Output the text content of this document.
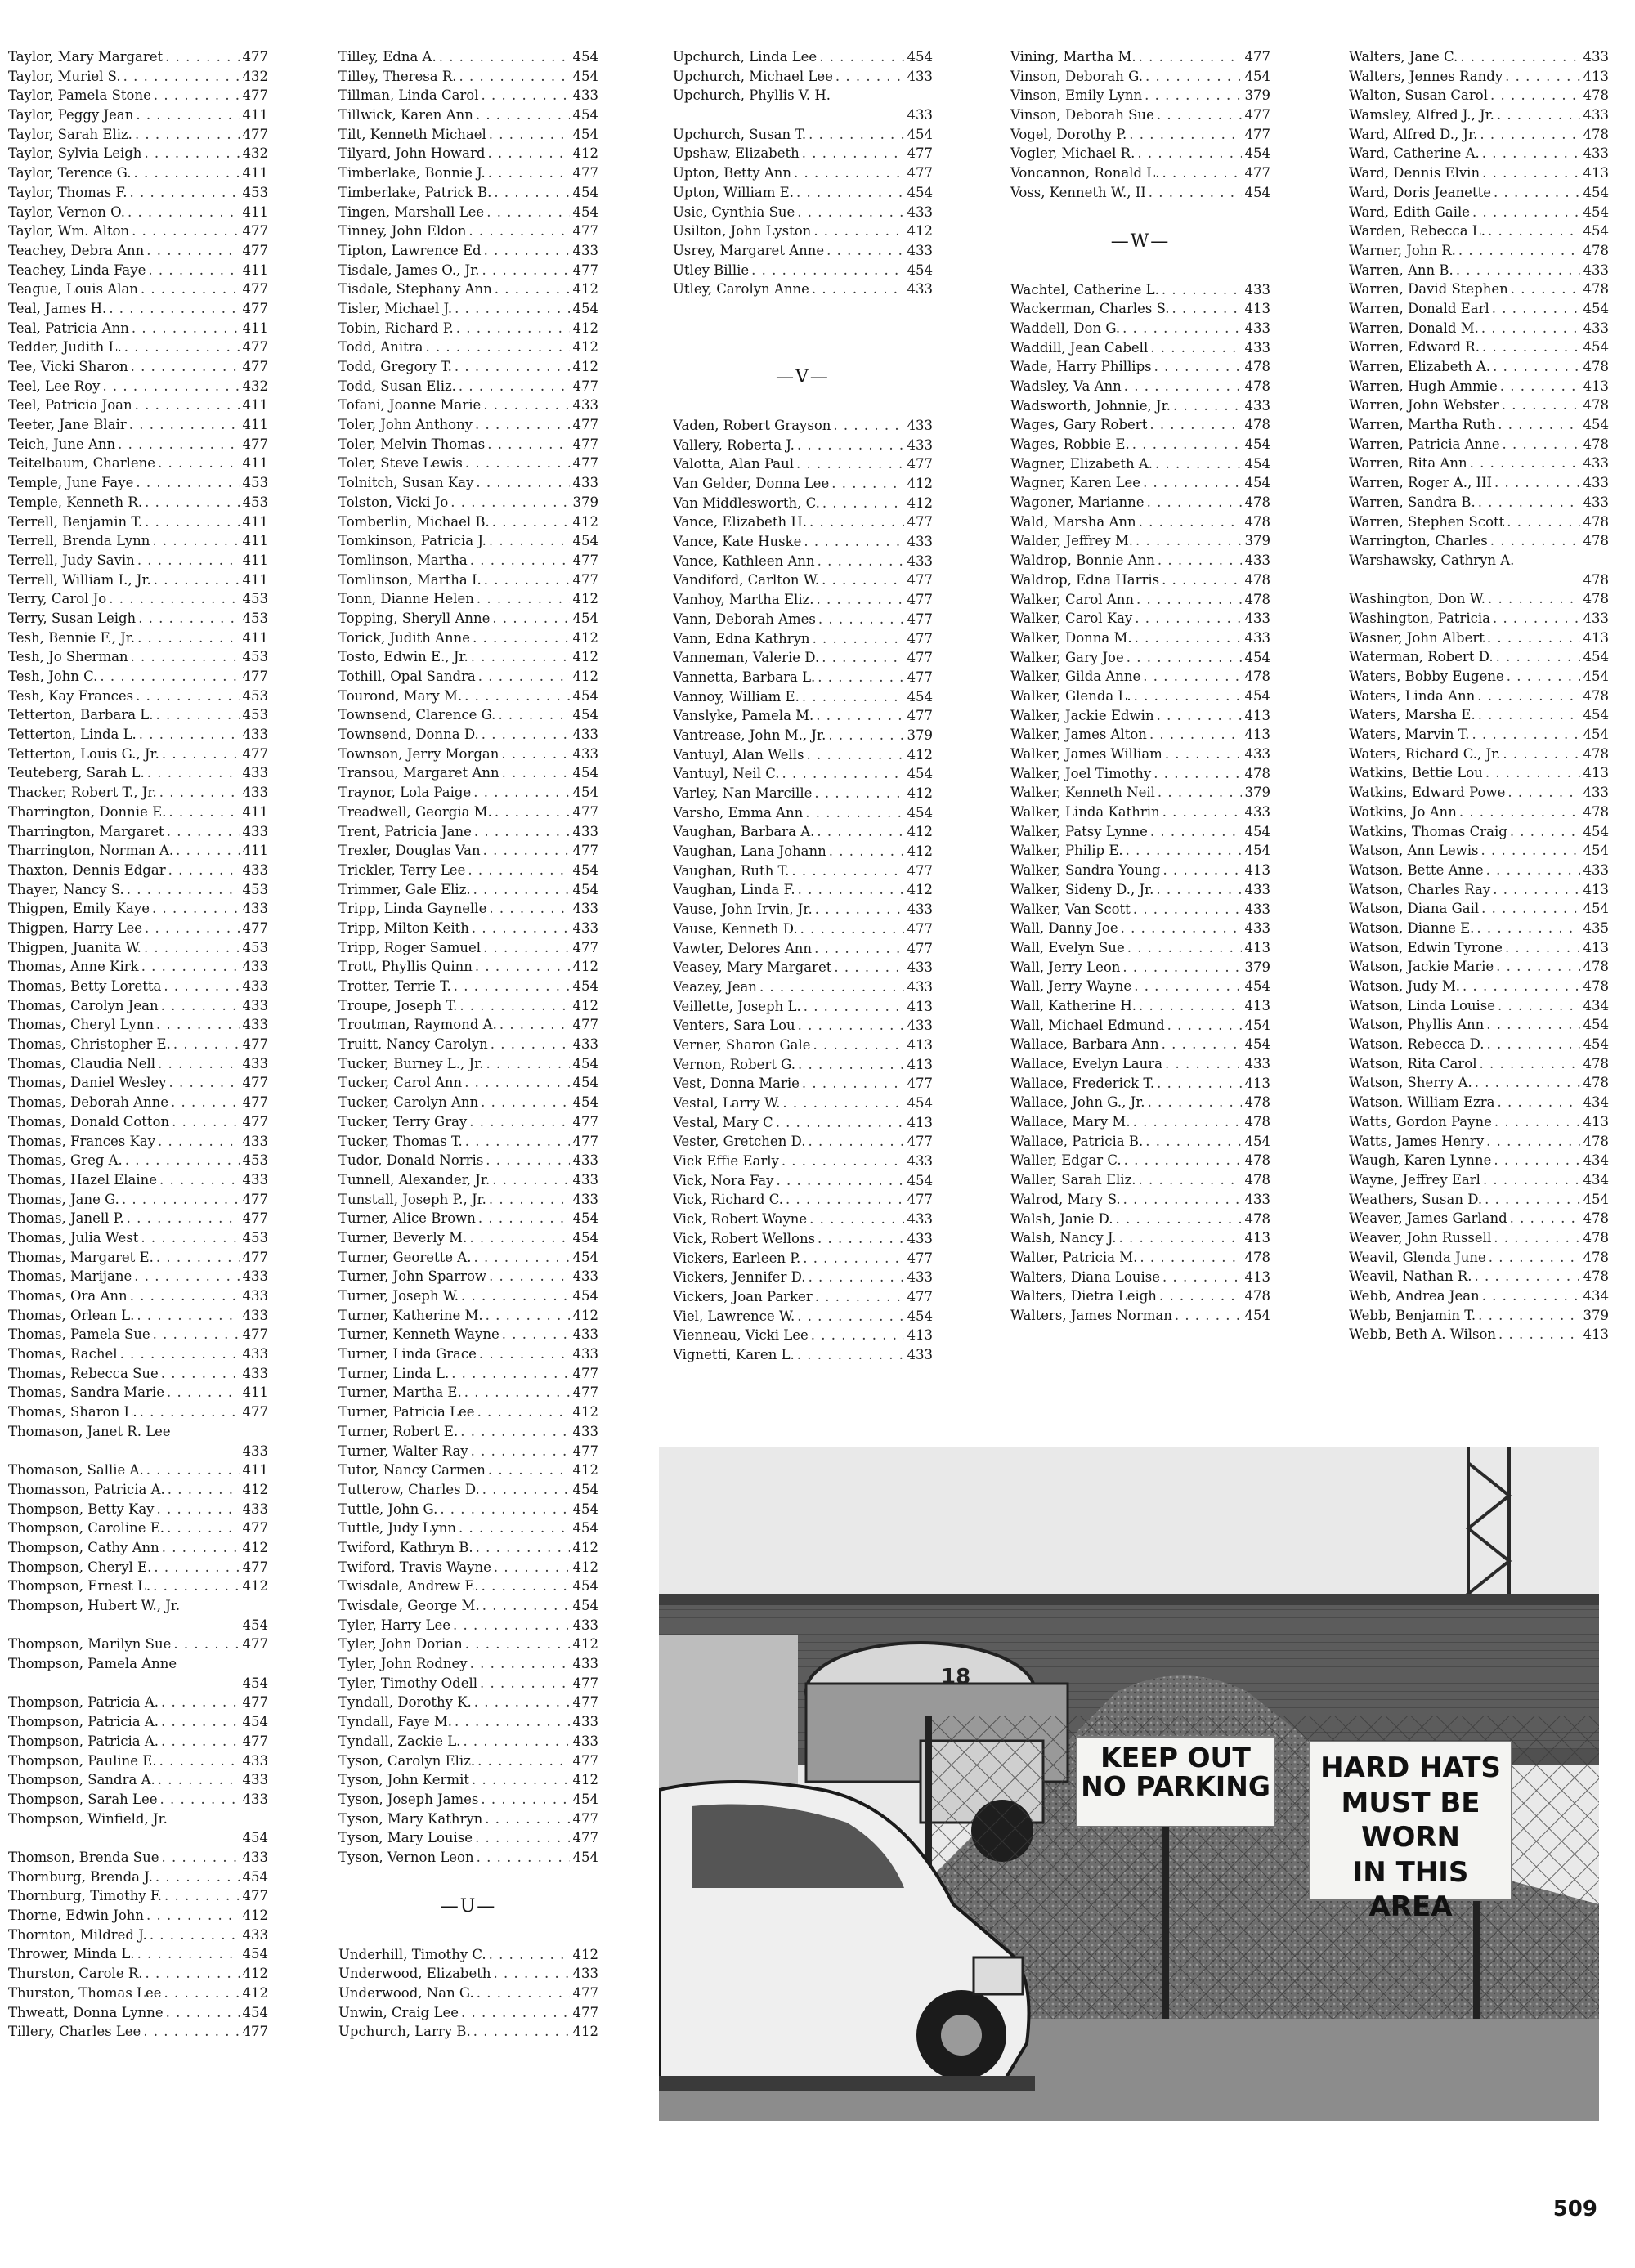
Taylor, Mary Margaret . . .	477
Taylor, Muriel S. . . .	432
Taylor, Pamela Stone . . .	477
Taylor, Peggy Jean . . .	411
Taylor, Sarah Eliz. . . .	477
Taylor, Sylvia Leigh . . .	432
Taylor, Terence G. . . .	411
Taylor, Thomas F. . . .	453
Taylor, Vernon O. . . .	411
Taylor, Wm. Alton . . .	477
Teachey, Debra Ann . . .	477
Teachey, Linda Faye . . .	411
Teague, Louis Alan . . .	477
Teal, James H. . . .	477
Teal, Patricia Ann . . .	411
Tedder, Judith L. . . .	477
Tee, Vicki Sharon . . .	477
Teel, Lee Roy . . .	432
Teel, Patricia Joan . . .	411
Teeter, Jane Blair . . .	411
Teich, June Ann . . .	477
Teitelbaum, Charlene . . .	411
Temple, June Faye . . .	453
Temple, Kenneth R. . . .	453
Terrell, Benjamin T. . . .	411
Terrell, Brenda Lynn . . .	411
Terrell, Judy Savin . . .	411
Terrell, William I., Jr. . . .	411
Terry, Carol Jo . . .	453
Terry, Susan Leigh . . .	453
Tesh, Bennie F., Jr. . . .	411
Tesh, Jo Sherman . . .	453
Tesh, John C. . . .	477
Tesh, Kay Frances . . .	453
Tetterton, Barbara L. . . .	453
Tetterton, Linda L. . . .	433
Tetterton, Louis G., Jr. . . .	477
Teuteberg, Sarah L. . . .	433
Thacker, Robert T., Jr. . . .	433
Tharrington, Donnie E. . . .	411
Tharrington, Margaret . . .	433
Tharrington, Norman A. . . .	411
Thaxton, Dennis Edgar . . .	433
Thayer, Nancy S. . . .	453
Thigpen, Emily Kaye . . .	433
Thigpen, Harry Lee . . .	477
Thigpen, Juanita W. . . .	453
Thomas, Anne Kirk . . .	433
Thomas, Betty Loretta . . .	433
Thomas, Carolyn Jean . . .	433
Thomas, Cheryl Lynn . . .	433
Thomas, Christopher E. . . .	477
Thomas, Claudia Nell . . .	433
Thomas, Daniel Wesley . . .	477
Thomas, Deborah Anne . . .	477
Thomas, Donald Cotton . . .	477
Thomas, Frances Kay . . .	433
Thomas, Greg A. . . .	453
Thomas, Hazel Elaine . . .	433
Thomas, Jane G. . . .	477
Thomas, Janell P. . . .	477
Thomas, Julia West . . .	453
Thomas, Margaret E. . . .	477
Thomas, Marijane . . .	433
Thomas, Ora Ann . . .	433
Thomas, Orlean L. . . .	433
Thomas, Pamela Sue . . .	477
Thomas, Rachel . . .	433
Thomas, Rebecca Sue . . .	433
Thomas, Sandra Marie . . .	411
Thomas, Sharon L. . . .	477
Thomason, Janet R. Lee
433
Thomason, Sallie A. . . .	411
Thomasson, Patricia A. . . .	412
Thompson, Betty Kay . . .	433
Thompson, Caroline E. . . .	477
Thompson, Cathy Ann . . .	412
Thompson, Cheryl E. . . .	477
Thompson, Ernest L. . . .	412
Thompson, Hubert W., Jr.
454
Thompson, Marilyn Sue . . .	477
Thompson, Pamela Anne
454
Thompson, Patricia A. . . .	477
Thompson, Patricia A. . . .	454
Thompson, Patricia A. . . .	477
Thompson, Pauline E. . . .	433
Thompson, Sandra A. . . .	433
Thompson, Sarah Lee . . .	433
Thompson, Winfield, Jr.
454
Thomson, Brenda Sue . . .	433
Thornburg, Brenda J. . . .	454
Thornburg, Timothy F. . . .	477
Thorne, Edwin John . . .	412
Thornton, Mildred J. . . .	433
Thrower, Minda L. . . .	454
Thurston, Carole R. . . .	412
Thurston, Thomas Lee . . .	412
Thweatt, Donna Lynne . . .	454
Tillery, Charles Lee . . .	477
Tilley, Edna A. . . .	454
Tilley, Theresa R. . . .	454
Tillman, Linda Carol . . .	433
Tillwick, Karen Ann . . .	454
Tilt, Kenneth Michael . . .	454
Tilyard, John Howard . . .	412
Timberlake, Bonnie J. . . .	477
Timberlake, Patrick B. . . .	454
Tingen, Marshall Lee . . .	454
Tinney, John Eldon . . .	477
Tipton, Lawrence Ed . . .	433
Tisdale, James O., Jr. . . .	477
Tisdale, Stephany Ann . . .	412
Tisler, Michael J. . . .	454
Tobin, Richard P. . . .	412
Todd, Anitra . . .	412
Todd, Gregory T. . . .	412
Todd, Susan Eliz. . . .	477
Tofani, Joanne Marie . . .	433
Toler, John Anthony . . .	477
Toler, Melvin Thomas . . .	477
Toler, Steve Lewis . . .	477
Tolnitch, Susan Kay . . .	433
Tolston, Vicki Jo . . .	379
Tomberlin, Michael B. . . .	412
Tomkinson, Patricia J. . . .	454
Tomlinson, Martha . . .	477
Tomlinson, Martha I. . . .	477
Tonn, Dianne Helen . . .	412
Topping, Sheryll Anne . . .	454
Torick, Judith Anne . . .	412
Tosto, Edwin E., Jr. . . .	412
Tothill, Opal Sandra . . .	412
Tourond, Mary M. . . .	454
Townsend, Clarence G. . . .	454
Townsend, Donna D. . . .	433
Townson, Jerry Morgan . . .	433
Transou, Margaret Ann . . .	454
Traynor, Lola Paige . . .	454
Treadwell, Georgia M. . . .	477
Trent, Patricia Jane . . .	433
Trexler, Douglas Van . . .	477
Trickler, Terry Lee . . .	454
Trimmer, Gale Eliz. . . .	454
Tripp, Linda Gaynelle . . .	433
Tripp, Milton Keith . . .	433
Tripp, Roger Samuel . . .	477
Trott, Phyllis Quinn . . .	412
Trotter, Terrie T. . . .	454
Troupe, Joseph T. . . .	412
Troutman, Raymond A. . . .	477
Truitt, Nancy Carolyn . . .	433
Tucker, Burney L., Jr. . . .	454
Tucker, Carol Ann . . .	454
Tucker, Carolyn Ann . . .	454
Tucker, Terry Gray . . .	477
Tucker, Thomas T. . . .	477
Tudor, Donald Norris . . .	433
Tunnell, Alexander, Jr. . . .	433
Tunstall, Joseph P., Jr. . . .	433
Turner, Alice Brown . . .	454
Turner, Beverly M. . . .	454
Turner, Georette A. . . .	454
Turner, John Sparrow . . .	433
Turner, Joseph W. . . .	454
Turner, Katherine M. . . .	412
Turner, Kenneth Wayne . . .	433
Turner, Linda Grace . . .	433
Turner, Linda L. . . .	477
Turner, Martha E. . . .	477
Turner, Patricia Lee . . .	412
Turner, Robert E. . . .	433
Turner, Walter Ray . . .	477
Tutor, Nancy Carmen . . .	412
Tutterow, Charles D. . . .	454
Tuttle, John G. . . .	454
Tuttle, Judy Lynn . . .	454
Twiford, Kathryn B. . . .	412
Twiford, Travis Wayne . . .	412
Twisdale, Andrew E. . . .	454
Twisdale, George M. . . .	454
Tyler, Harry Lee . . .	433
Tyler, John Dorian . . .	412
Tyler, John Rodney . . .	433
Tyler, Timothy Odell . . .	477
Tyndall, Dorothy K. . . .	477
Tyndall, Faye M. . . .	433
Tyndall, Zackie L. . . .	433
Tyson, Carolyn Eliz. . . .	477
Tyson, John Kermit . . .	412
Tyson, Joseph James . . .	454
Tyson, Mary Kathryn . . .	477
Tyson, Mary Louise . . .	477
Tyson, Vernon Leon . . .	454
—U—
Underhill, Timothy C. . . .	412
Underwood, Elizabeth . . .	433
Underwood, Nan G. . . .	477
Unwin, Craig Lee . . .	477
Upchurch, Larry B. . . .	412
Upchurch, Linda Lee . . .	454
Upchurch, Michael Lee . . .	433
Upchurch, Phyllis V. H.
433
Upchurch, Susan T. . . .	454
Upshaw, Elizabeth . . .	477
Upton, Betty Ann . . .	477
Upton, William E. . . .	454
Usic, Cynthia Sue . . .	433
Usilton, John Lyston . . .	412
Usrey, Margaret Anne . . .	433
Utley Billie . . .	454
Utley, Carolyn Anne . . .	433
—V—
Vaden, Robert Grayson . . .	433
Vallery, Roberta J. . . .	433
Valotta, Alan Paul . . .	477
Van Gelder, Donna Lee . . .	412
Van Middlesworth, C. . . .	412
Vance, Elizabeth H. . . .	477
Vance, Kate Huske . . .	433
Vance, Kathleen Ann . . .	433
Vandiford, Carlton W. . . .	477
Vanhoy, Martha Eliz. . . .	477
Vann, Deborah Ames . . .	477
Vann, Edna Kathryn . . .	477
Vanneman, Valerie D. . . .	477
Vannetta, Barbara L. . . .	477
Vannoy, William E. . . .	454
Vanslyke, Pamela M. . . .	477
Vantrease, John M., Jr. . . .	379
Vantuyl, Alan Wells . . .	412
Vantuyl, Neil C. . . .	454
Varley, Nan Marcille . . .	412
Varsho, Emma Ann . . .	454
Vaughan, Barbara A. . . .	412
Vaughan, Lana Johann . . .	412
Vaughan, Ruth T. . . .	477
Vaughan, Linda F. . . .	412
Vause, John Irvin, Jr. . . .	433
Vause, Kenneth D. . . .	477
Vawter, Delores Ann . . .	477
Veasey, Mary Margaret . . .	433
Veazey, Jean . . .	433
Veillette, Joseph L. . . .	413
Venters, Sara Lou . . .	433
Verner, Sharon Gale . . .	413
Vernon, Robert G. . . .	413
Vest, Donna Marie . . .	477
Vestal, Larry W. . . .	454
Vestal, Mary C . . .	413
Vester, Gretchen D. . . .	477
Vick Effie Early . . .	433
Vick, Nora Fay . . .	454
Vick, Richard C. . . .	477
Vick, Robert Wayne . . .	433
Vick, Robert Wellons . . .	433
Vickers, Earleen P. . . .	477
Vickers, Jennifer D. . . .	433
Vickers, Joan Parker . . .	477
Viel, Lawrence W. . . .	454
Vienneau, Vicki Lee . . .	413
Vignetti, Karen L. . . .	433
Vining, Martha M. . . .	477
Vinson, Deborah G. . . .	454
Vinson, Emily Lynn . . .	379
Vinson, Deborah Sue . . .	477
Vogel, Dorothy P. . . .	477
Vogler, Michael R. . . .	454
Voncannon, Ronald L. . . .	477
Voss, Kenneth W., II . . .	454
—W—
Wachtel, Catherine L. . . .	433
Wackerman, Charles S. . . .	413
Waddell, Don G. . . .	433
Waddill, Jean Cabell . . .	433
Wade, Harry Phillips . . .	478
Wadsley, Va Ann . . .	478
Wadsworth, Johnnie, Jr. . . .	433
Wages, Gary Robert . . .	478
Wages, Robbie E. . . .	454
Wagner, Elizabeth A. . . .	454
Wagner, Karen Lee . . .	454
Wagoner, Marianne . . .	478
Wald, Marsha Ann . . .	478
Walder, Jeffrey M. . . .	379
Waldrop, Bonnie Ann . . .	433
Waldrop, Edna Harris . . .	478
Walker, Carol Ann . . .	478
Walker, Carol Kay . . .	433
Walker, Donna M. . . .	433
Walker, Gary Joe . . .	454
Walker, Gilda Anne . . .	478
Walker, Glenda L. . . .	454
Walker, Jackie Edwin . . .	413
Walker, James Alton . . .	413
Walker, James William . . .	433
Walker, Joel Timothy . . .	478
Walker, Kenneth Neil . . .	379
Walker, Linda Kathrin . . .	433
Walker, Patsy Lynne . . .	454
Walker, Philip E. . . .	454
Walker, Sandra Young . . .	413
Walker, Sideny D., Jr. . . .	433
Walker, Van Scott . . .	433
Wall, Danny Joe . . .	433
Wall, Evelyn Sue . . .	413
Wall, Jerry Leon . . .	379
Wall, Jerry Wayne . . .	454
Wall, Katherine H. . . .	413
Wall, Michael Edmund . . .	454
Wallace, Barbara Ann . . .	454
Wallace, Evelyn Laura . . .	433
Wallace, Frederick T. . . .	413
Wallace, John G., Jr. . . .	478
Wallace, Mary M. . . .	478
Wallace, Patricia B. . . .	454
Waller, Edgar C. . . .	478
Waller, Sarah Eliz. . . .	478
Walrod, Mary S. . . .	433
Walsh, Janie D. . . .	478
Walsh, Nancy J. . . .	413
Walter, Patricia M. . . .	478
Walters, Diana Louise . . .	413
Walters, Dietra Leigh . . .	478
Walters, James Norman . . .	454
Walters, Jane C. . . .	433
Walters, Jennes Randy . . .	413
Walton, Susan Carol . . .	478
Wamsley, Alfred J., Jr. . . .	433
Ward, Alfred D., Jr. . . .	478
Ward, Catherine A. . . .	433
Ward, Dennis Elvin . . .	413
Ward, Doris Jeanette . . .	454
Ward, Edith Gaile . . .	454
Warden, Rebecca L. . . .	454
Warner, John R. . . .	478
Warren, Ann B. . . .	433
Warren, David Stephen . . .	478
Warren, Donald Earl . . .	454
Warren, Donald M. . . .	433
Warren, Edward R. . . .	454
Warren, Elizabeth A. . . .	478
Warren, Hugh Ammie . . .	413
Warren, John Webster . . .	478
Warren, Martha Ruth . . .	454
Warren, Patricia Anne . . .	478
Warren, Rita Ann . . .	433
Warren, Roger A., III . . .	433
Warren, Sandra B. . . .	433
Warren, Stephen Scott . . .	478
Warrington, Charles . . .	478
Warshawsky, Cathryn A.
478
Washington, Don W. . . .	478
Washington, Patricia . . .	433
Wasner, John Albert . . .	413
Waterman, Robert D. . . .	454
Waters, Bobby Eugene . . .	454
Waters, Linda Ann . . .	478
Waters, Marsha E. . . .	454
Waters, Marvin T. . . .	454
Waters, Richard C., Jr. . . .	478
Watkins, Bettie Lou . . .	413
Watkins, Edward Powe . . .	433
Watkins, Jo Ann . . .	478
Watkins, Thomas Craig . . .	454
Watson, Ann Lewis . . .	454
Watson, Bette Anne . . .	433
Watson, Charles Ray . . .	413
Watson, Diana Gail . . .	454
Watson, Dianne E. . . .	435
Watson, Edwin Tyrone . . .	413
Watson, Jackie Marie . . .	478
Watson, Judy M. . . .	478
Watson, Linda Louise . . .	434
Watson, Phyllis Ann . . .	454
Watson, Rebecca D. . . .	454
Watson, Rita Carol . . .	478
Watson, Sherry A. . . .	478
Watson, William Ezra . . .	434
Watts, Gordon Payne . . .	413
Watts, James Henry . . .	478
Waugh, Karen Lynne . . .	434
Wayne, Jeffrey Earl . . .	434
Weathers, Susan D. . . .	454
Weaver, James Garland . . .	478
Weaver, John Russell . . .	478
Weavil, Glenda June . . .	478
Weavil, Nathan R. . . .	478
Webb, Andrea Jean . . .	434
Webb, Benjamin T. . . .	379
Webb, Beth A. Wilson . . .	413
18
KEEP OUT
NO PARKING
HARD HATS
MUST BE WORN
IN THIS AREA
509
